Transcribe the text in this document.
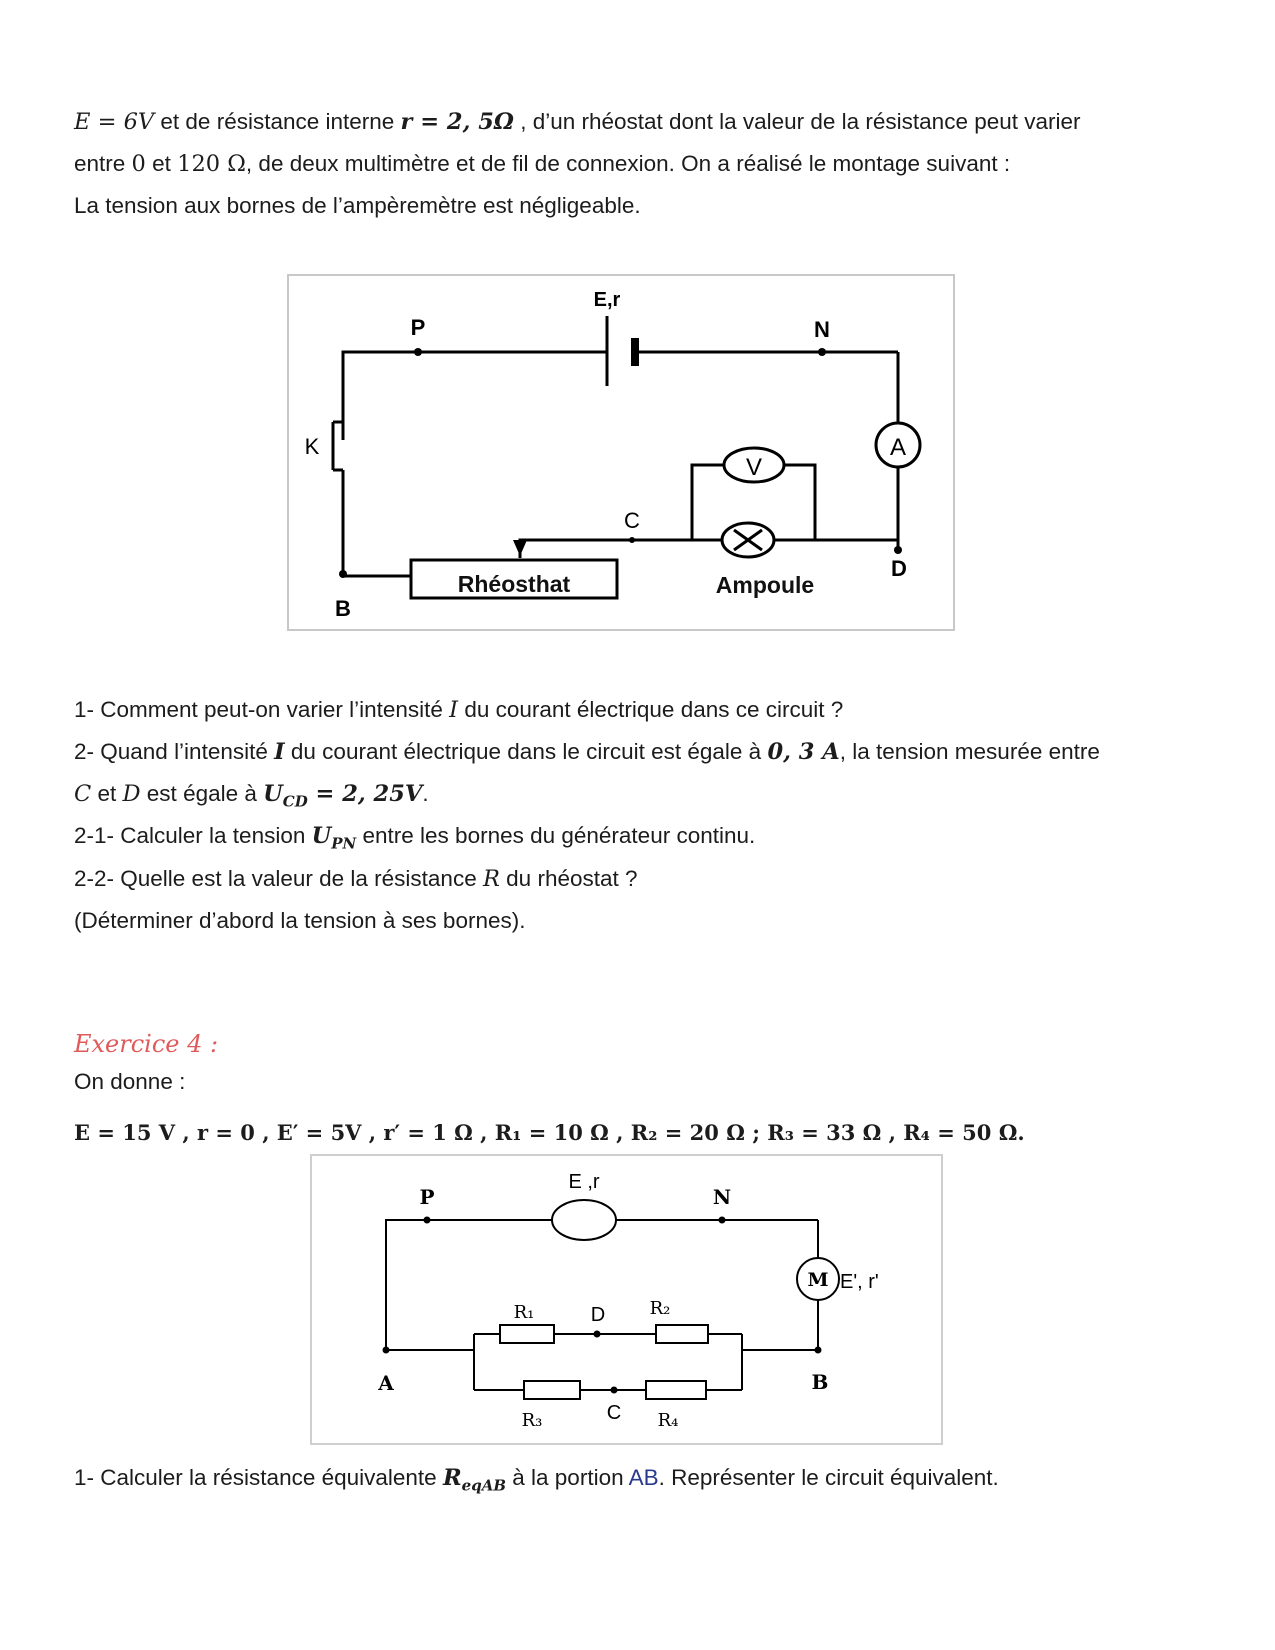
E = 6V et de résistance interne r = 2, 5Ω , d’un rhéostat dont la valeur de la résistance peut varier
entre 0 et 120 Ω, de deux multimètre et de fil de connexion. On a réalisé le montage suivant :
La tension aux bornes de l’ampèremètre est négligeable.
V
A
E,r
P	N
K
B
C
D
Rhéosthat	Ampoule
1- Comment peut-on varier l’intensité I du courant électrique dans ce circuit ?
2- Quand l’intensité I du courant électrique dans le circuit est égale à 0, 3 A, la tension mesurée entre
C et D est égale à $U_{CD} = 2$, 25V.
2-1- Calculer la tension $U_{PN}$ entre les bornes du générateur continu.
2-2- Quelle est la valeur de la résistance R du rhéostat ?
(Déterminer d’abord la tension à ses bornes).
Exercice 4 :
On donne :
E = 15 V , r = 0 , E′ = 5V , r′ = 1 Ω , R₁ = 10 Ω , R₂ = 20 Ω ; R₃ = 33 Ω , R₄ = 50 Ω.
M
E ,r
P	N
E', r'
R₁	R₂
R₃	R₄
D
C
A	B
1- Calculer la résistance équivalente $R_{eqAB}$ à la portion AB. Représenter le circuit équivalent.
